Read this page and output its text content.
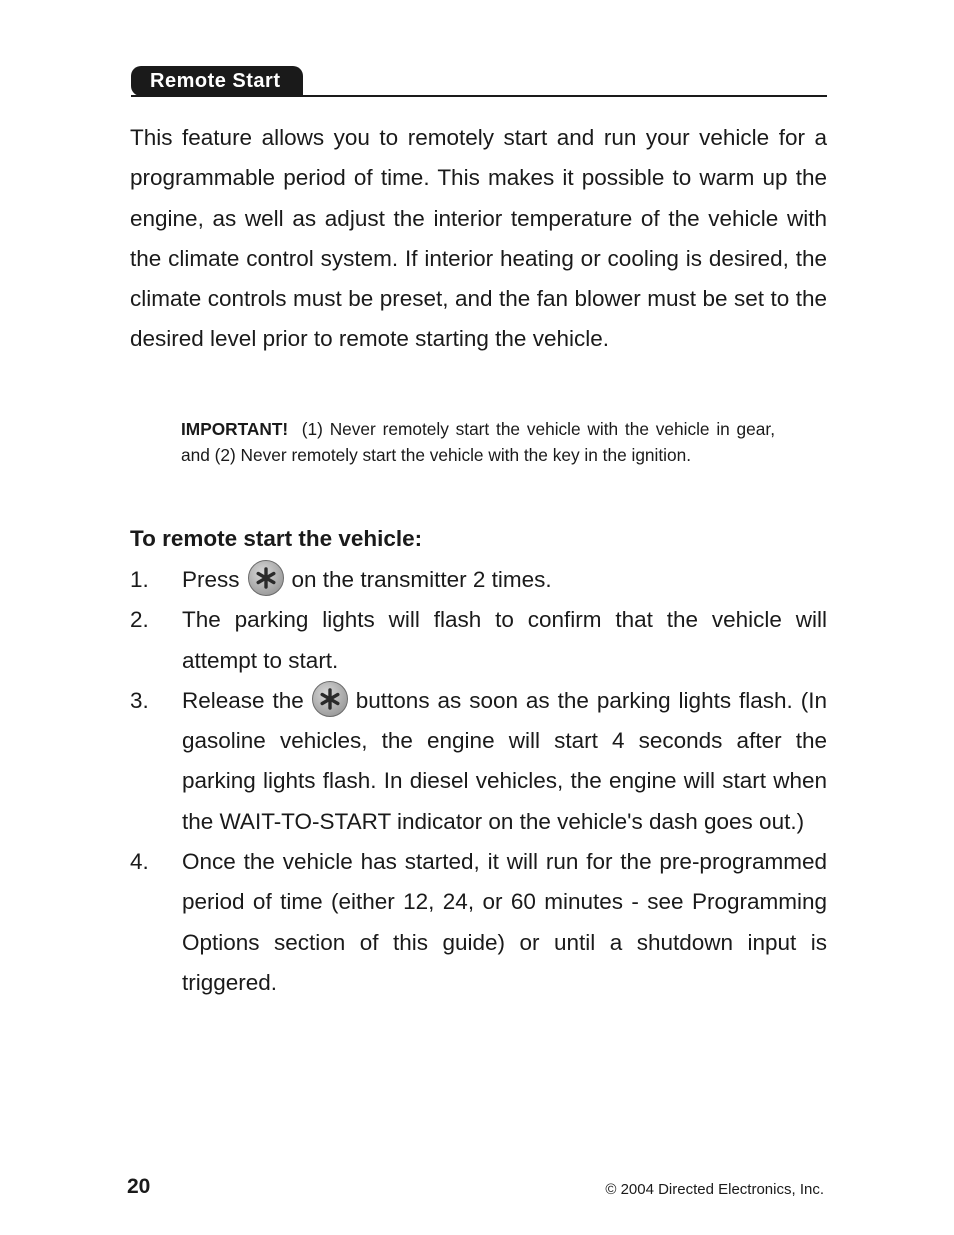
Remote Start

This feature allows you to remotely start and run your vehicle for a programmable period of time. This makes it possible to warm up the engine, as well as adjust the interior temperature of the vehicle with the climate control system. If interior heating or cooling is desired, the climate controls must be preset, and the fan blower must be set to the desired level prior to remote starting the vehicle.

IMPORTANT! (1) Never remotely start the vehicle with the vehicle in gear, and (2) Never remotely start the vehicle with the key in the ignition.

To remote start the vehicle:

1. Press on the transmitter 2 times.
2. The parking lights will flash to confirm that the vehicle will attempt to start.
3. Release the buttons as soon as the parking lights flash. (In gasoline vehicles, the engine will start 4 seconds after the parking lights flash. In diesel vehicles, the engine will start when the WAIT-TO-START indicator on the vehicle's dash goes out.)
4. Once the vehicle has started, it will run for the pre-programmed period of time (either 12, 24, or 60 minutes - see Programming Options section of this guide) or until a shutdown input is triggered.

20	© 2004 Directed Electronics, Inc.
